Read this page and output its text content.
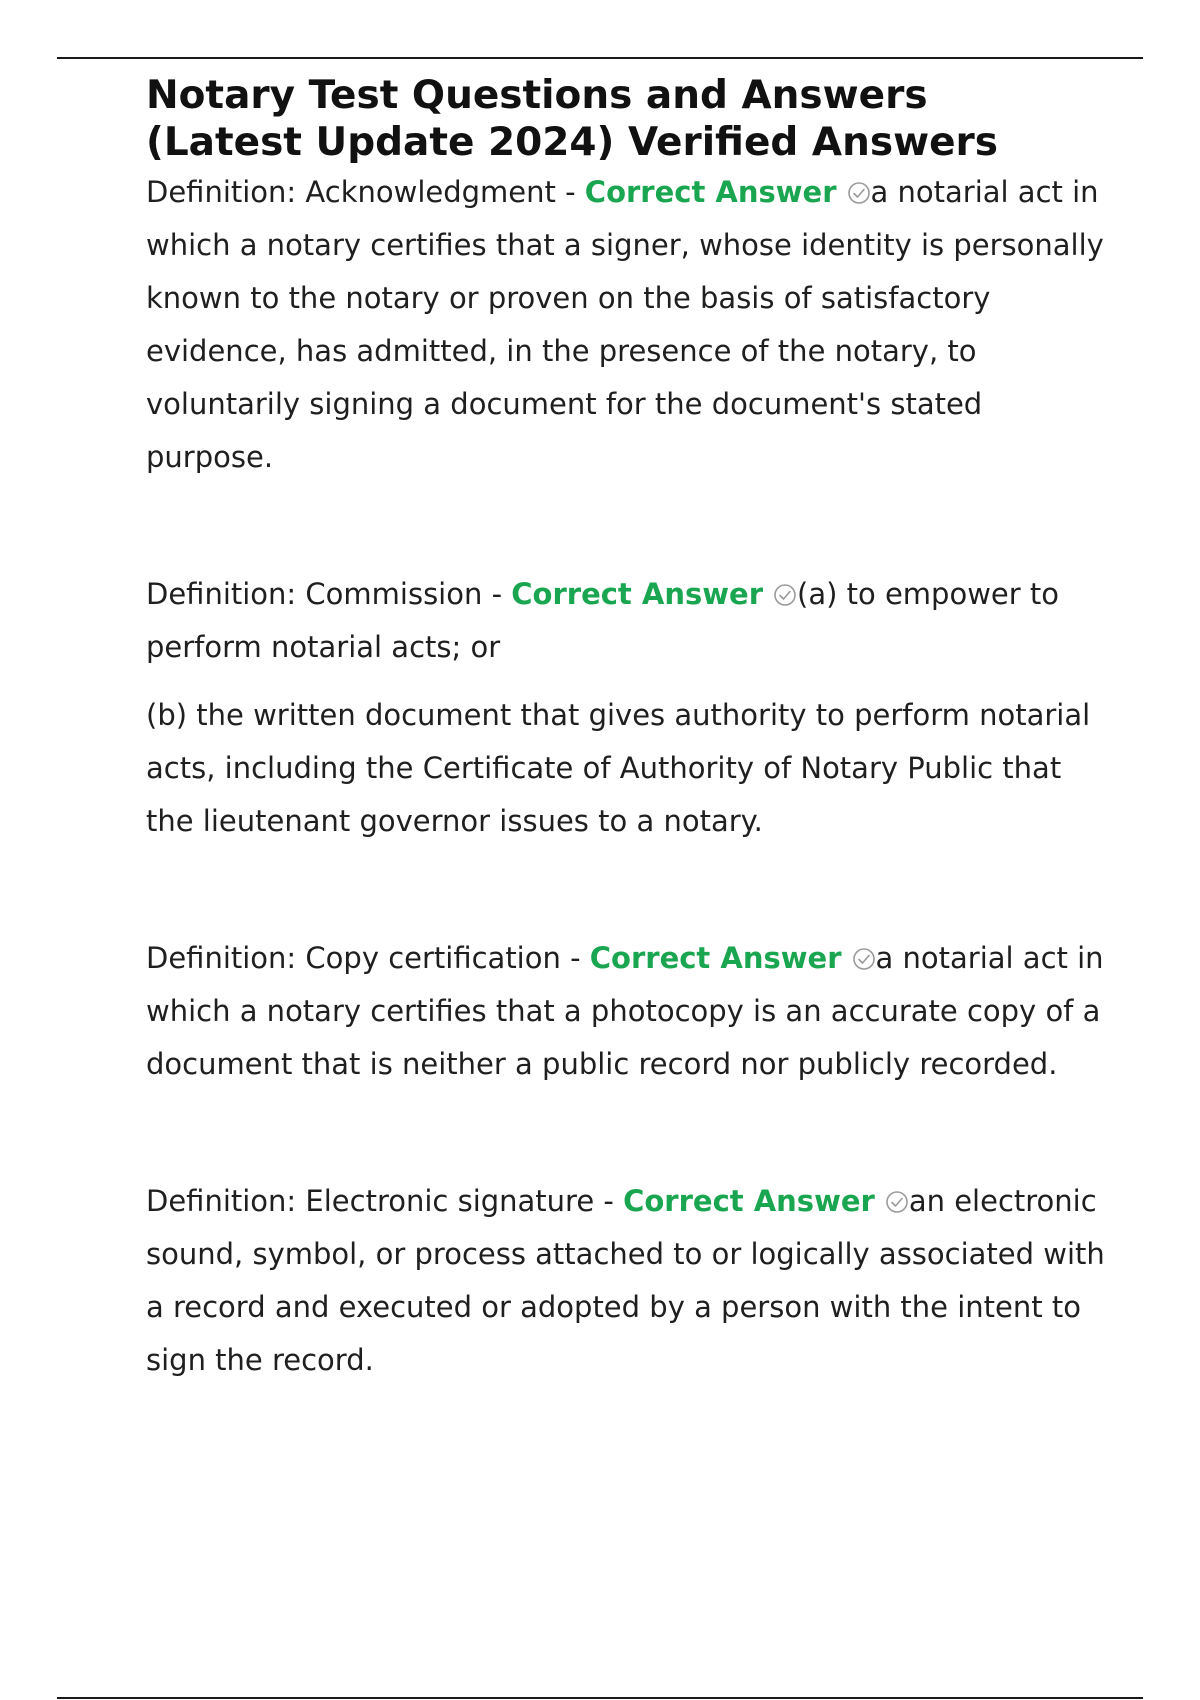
Notary Test Questions and Answers
(Latest Update 2024) Verified Answers

Definition: Acknowledgment - Correct Answer a notarial act in which a notary certifies that a signer, whose identity is personally known to the notary or proven on the basis of satisfactory evidence, has admitted, in the presence of the notary, to voluntarily signing a document for the document's stated purpose.

Definition: Commission - Correct Answer (a) to empower to perform notarial acts; or

(b) the written document that gives authority to perform notarial acts, including the Certificate of Authority of Notary Public that the lieutenant governor issues to a notary.

Definition: Copy certification - Correct Answer a notarial act in which a notary certifies that a photocopy is an accurate copy of a document that is neither a public record nor publicly recorded.

Definition: Electronic signature - Correct Answer an electronic sound, symbol, or process attached to or logically associated with a record and executed or adopted by a person with the intent to sign the record.
